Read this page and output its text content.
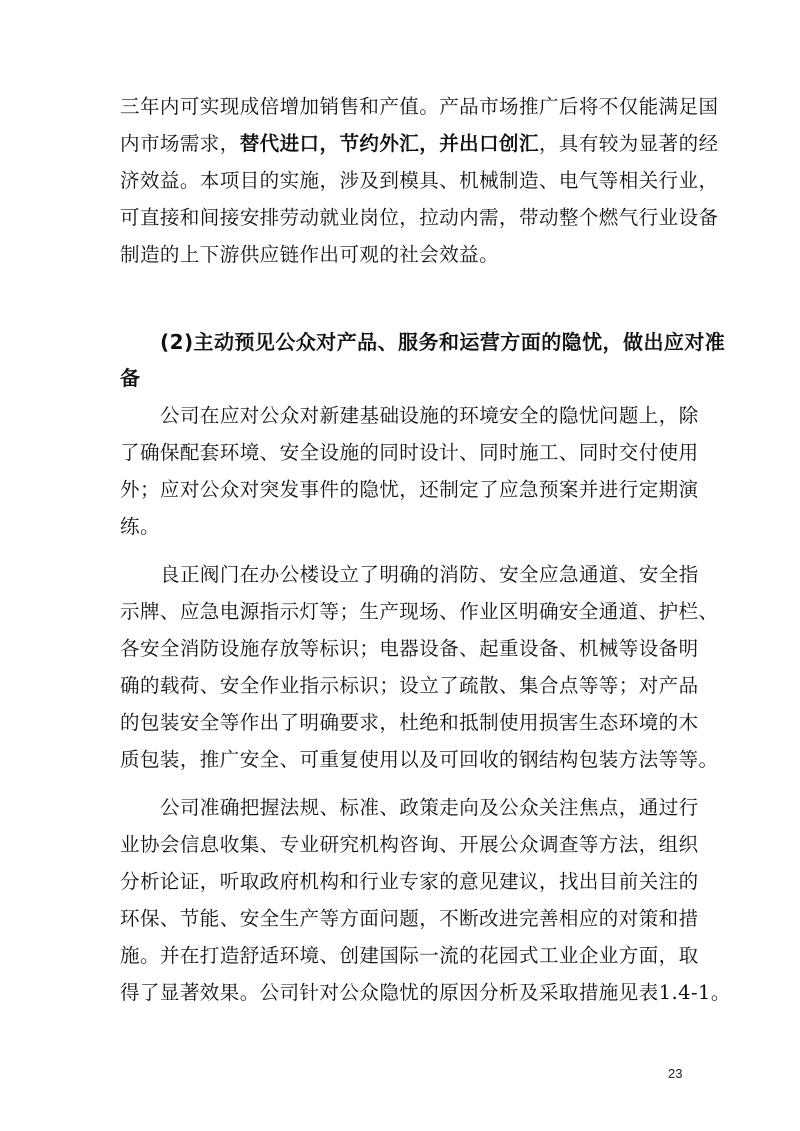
三年内可实现成倍增加销售和产值。产品市场推广后将不仅能满足国
内市场需求，替代进口，节约外汇，并出口创汇，具有较为显著的经
济效益。本项目的实施，涉及到模具、机械制造、电气等相关行业，
可直接和间接安排劳动就业岗位，拉动内需，带动整个燃气行业设备
制造的上下游供应链作出可观的社会效益。
(2)主动预见公众对产品、服务和运营方面的隐忧，做出应对准
备
公司在应对公众对新建基础设施的环境安全的隐忧问题上，除
了确保配套环境、安全设施的同时设计、同时施工、同时交付使用
外；应对公众对突发事件的隐忧，还制定了应急预案并进行定期演
练。
良正阀门在办公楼设立了明确的消防、安全应急通道、安全指
示牌、应急电源指示灯等；生产现场、作业区明确安全通道、护栏、
各安全消防设施存放等标识；电器设备、起重设备、机械等设备明
确的载荷、安全作业指示标识；设立了疏散、集合点等等；对产品
的包装安全等作出了明确要求，杜绝和抵制使用损害生态环境的木
质包装，推广安全、可重复使用以及可回收的钢结构包装方法等等。
公司准确把握法规、标准、政策走向及公众关注焦点，通过行
业协会信息收集、专业研究机构咨询、开展公众调查等方法，组织
分析论证，听取政府机构和行业专家的意见建议，找出目前关注的
环保、节能、安全生产等方面问题，不断改进完善相应的对策和措
施。并在打造舒适环境、创建国际一流的花园式工业企业方面，取
得了显著效果。公司针对公众隐忧的原因分析及采取措施见表1.4-1。
23
